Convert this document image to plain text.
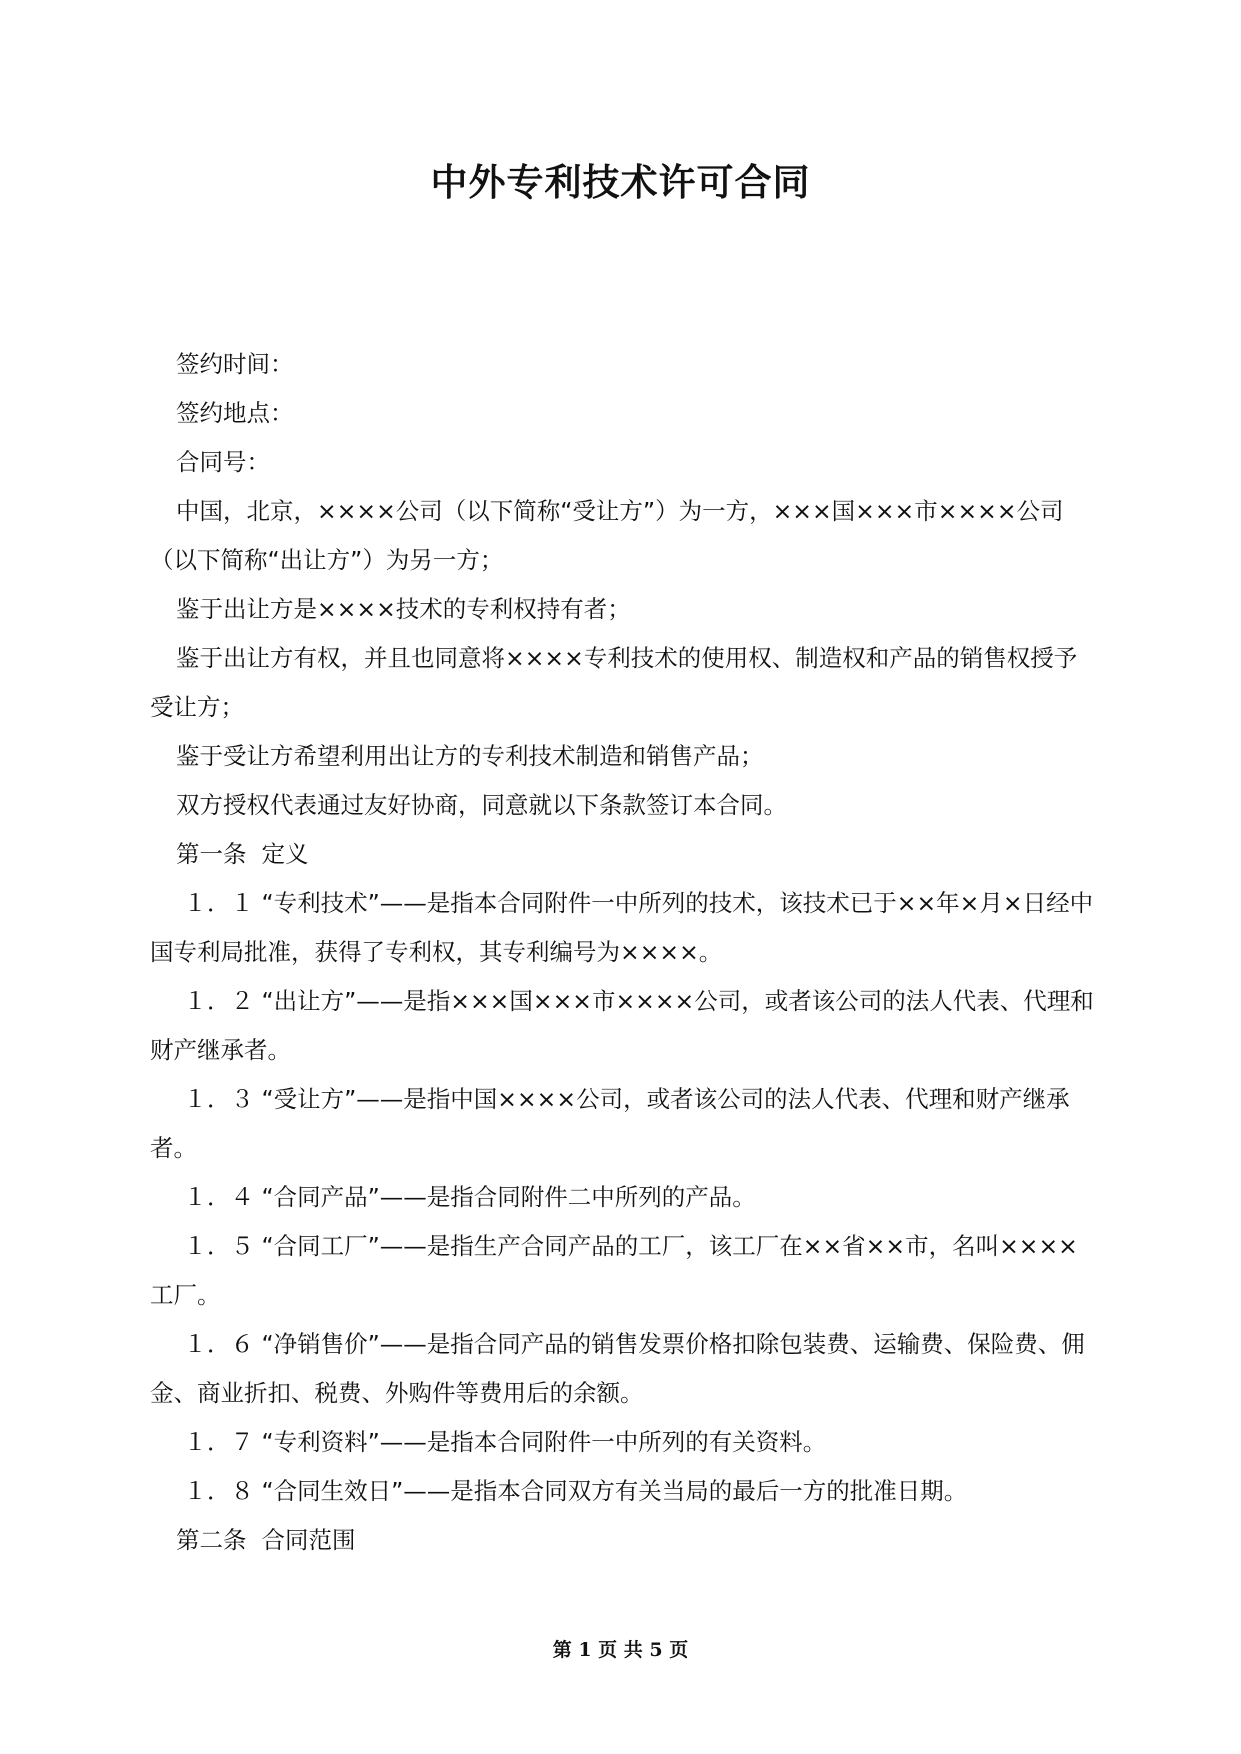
中外专利技术许可合同

签约时间：

签约地点：

合同号：

中国，北京，××××公司（以下简称“受让方”）为一方，×××国×××市××××公司（以下简称“出让方”）为另一方；

鉴于出让方是××××技术的专利权持有者；

鉴于出让方有权，并且也同意将××××专利技术的使用权、制造权和产品的销售权授予受让方；

鉴于受让方希望利用出让方的专利技术制造和销售产品；

双方授权代表通过友好协商，同意就以下条款签订本合同。

第一条  定义

１．１ “专利技术”——是指本合同附件一中所列的技术，该技术已于××年×月×日经中国专利局批准，获得了专利权，其专利编号为××××。

１．２ “出让方”——是指×××国×××市××××公司，或者该公司的法人代表、代理和财产继承者。

１．３ “受让方”——是指中国××××公司，或者该公司的法人代表、代理和财产继承者。

１．４ “合同产品”——是指合同附件二中所列的产品。

１．５ “合同工厂”——是指生产合同产品的工厂，该工厂在××省××市，名叫××××工厂。

１．６ “净销售价”——是指合同产品的销售发票价格扣除包装费、运输费、保险费、佣金、商业折扣、税费、外购件等费用后的余额。

１．７ “专利资料”——是指本合同附件一中所列的有关资料。

１．８ “合同生效日”——是指本合同双方有关当局的最后一方的批准日期。

第二条  合同范围

第 1 页 共 5 页
